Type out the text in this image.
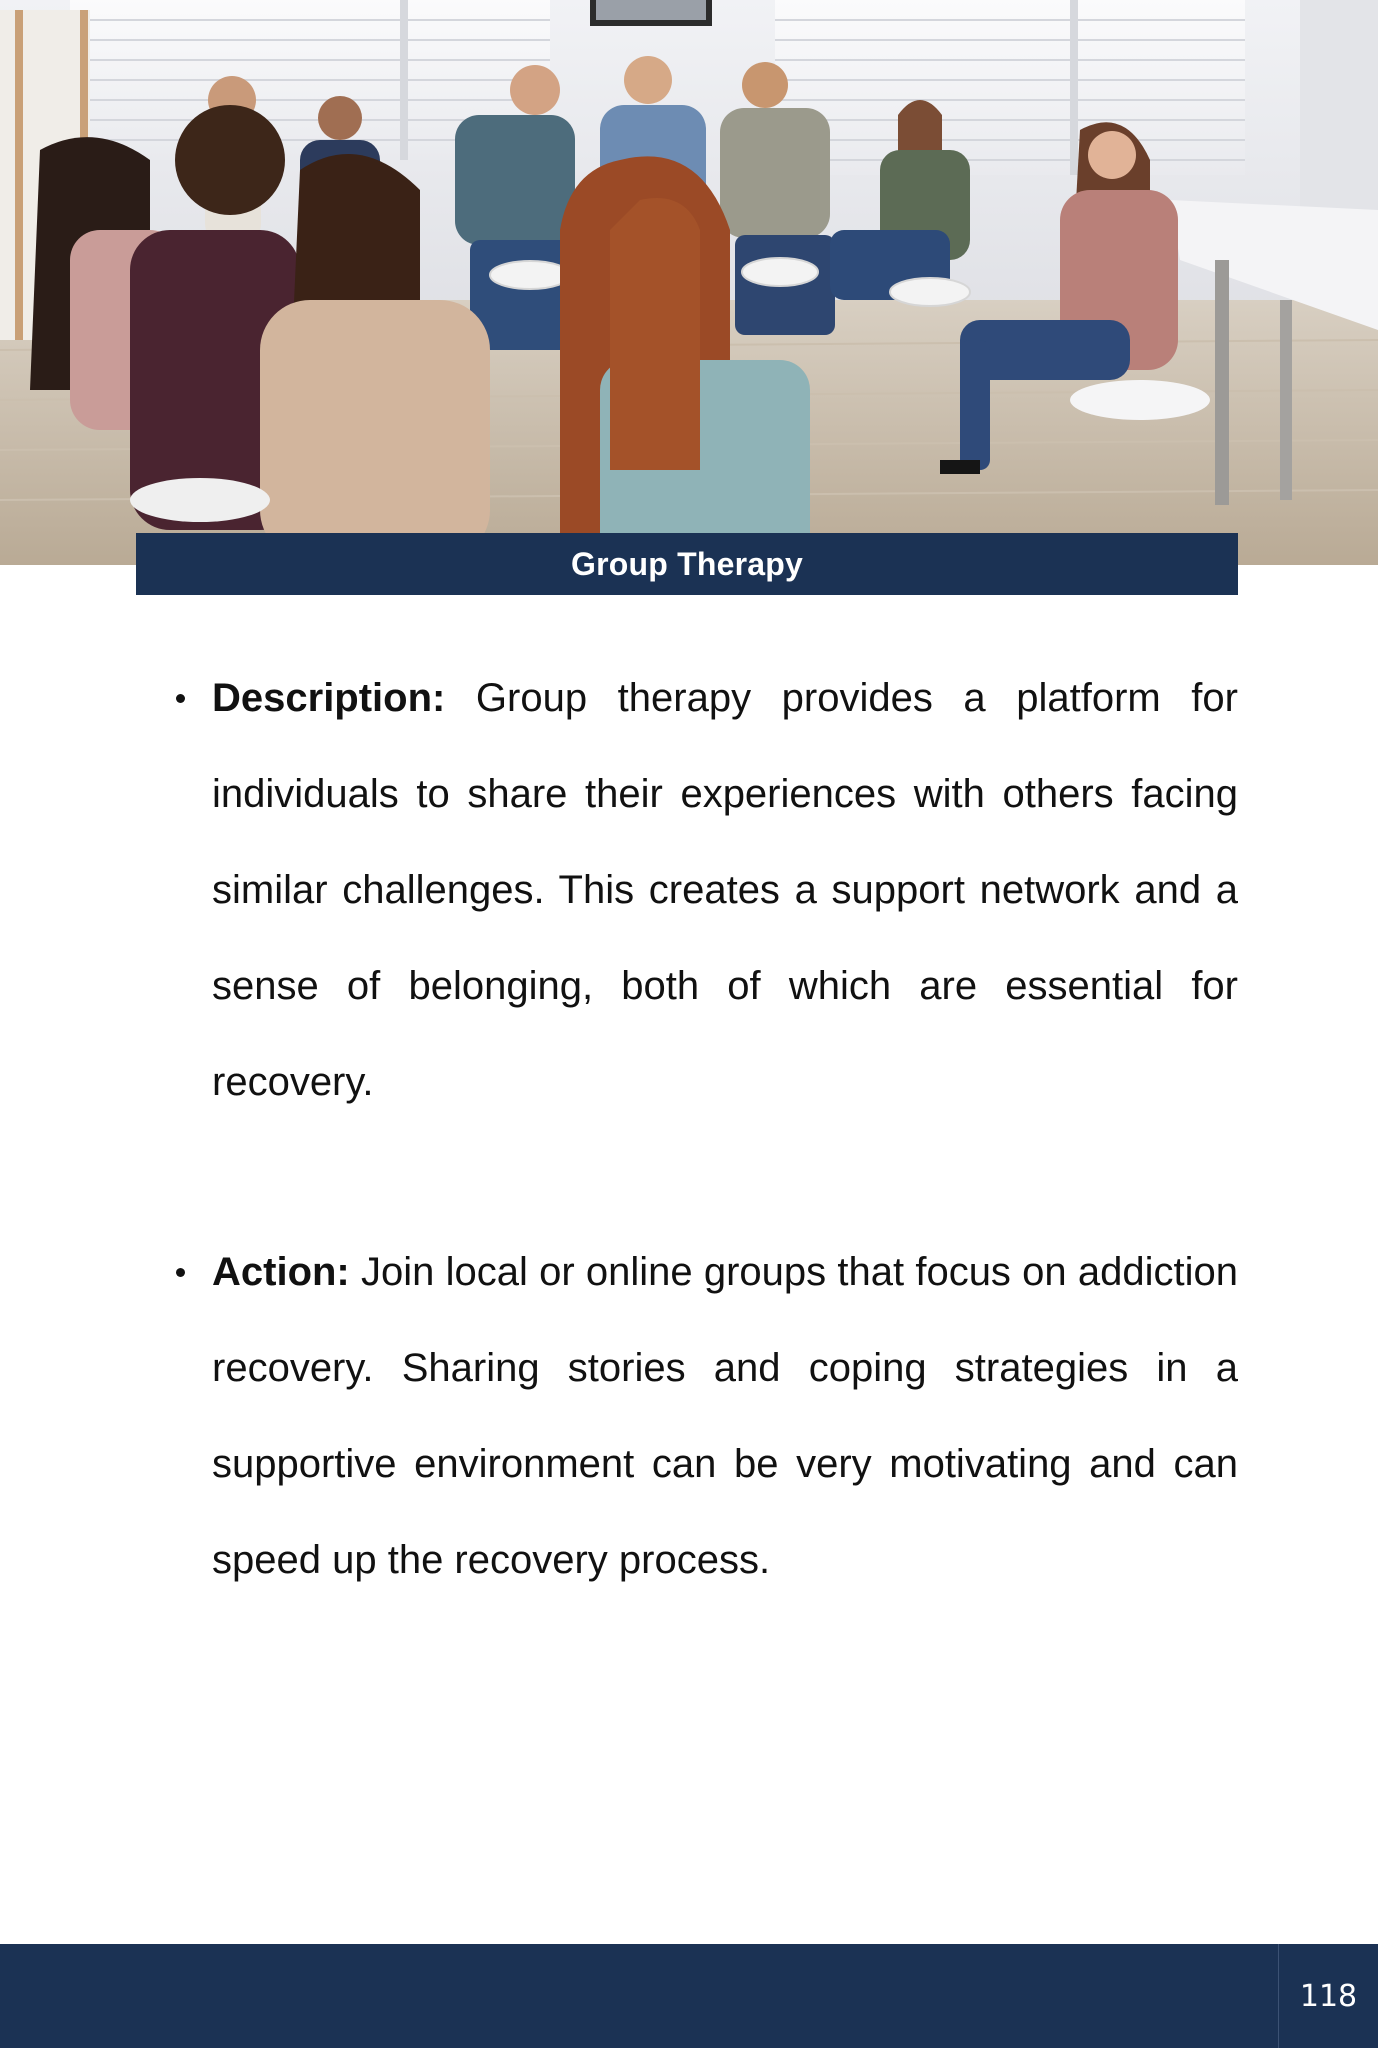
Group Therapy
Description: Group therapy provides a platform for individuals to share their experiences with others facing similar challenges. This creates a support network and a sense of belonging, both of which are essential for recovery.
Action: Join local or online groups that focus on addiction recovery. Sharing stories and coping strategies in a supportive environment can be very motivating and can speed up the recovery process.
118
